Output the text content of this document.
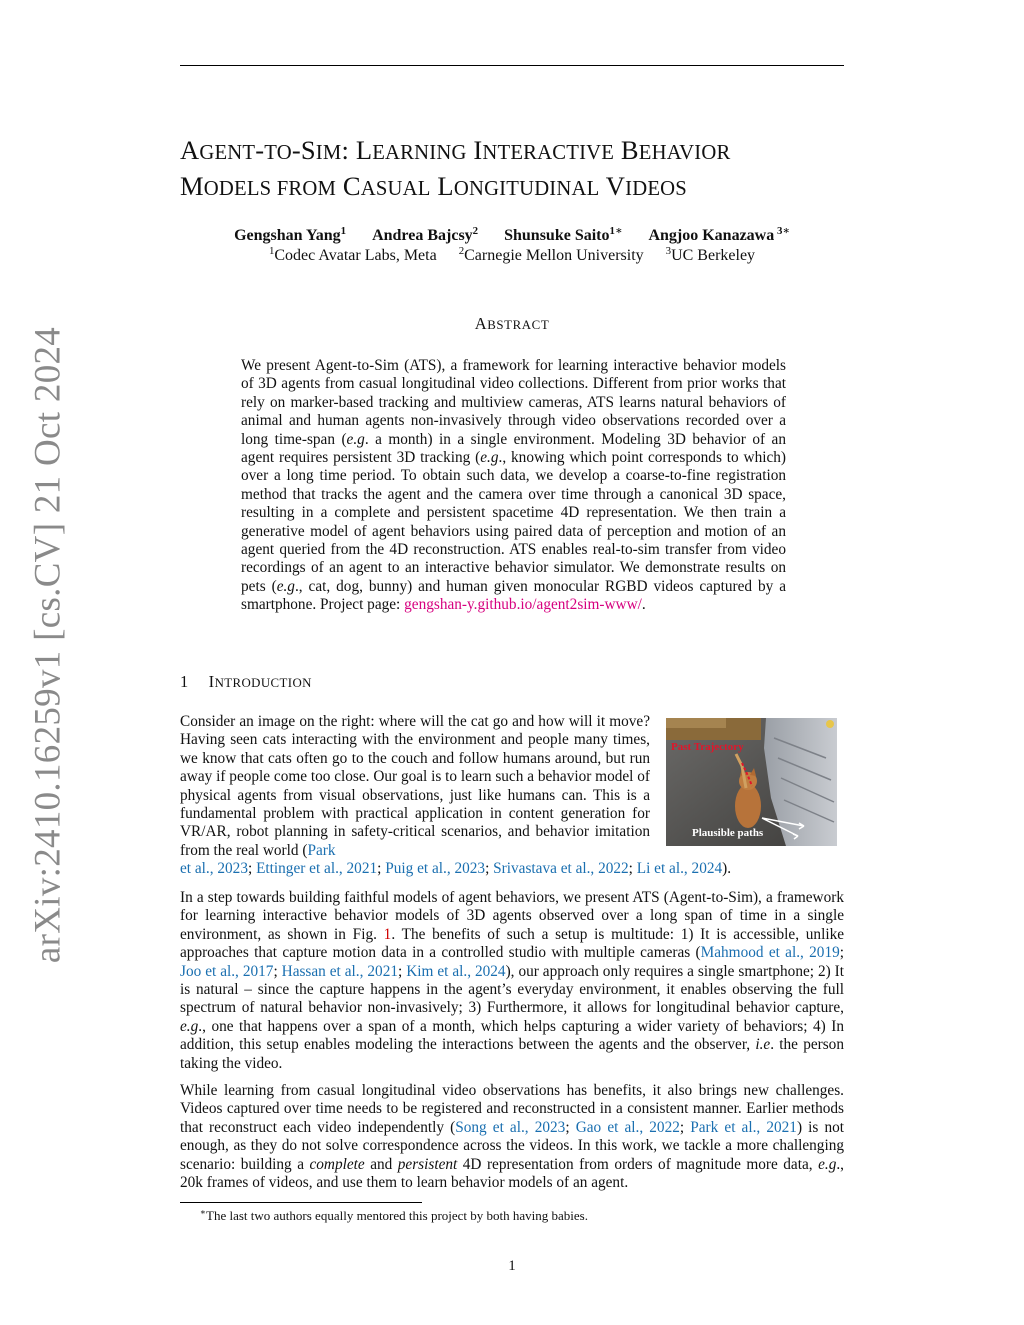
arXiv:2410.16259v1 [cs.CV] 21 Oct 2024
AGENT-TO-SIM: LEARNING INTERACTIVE BEHAVIOR
MODELS FROM CASUAL LONGITUDINAL VIDEOS
Gengshan Yang$^1$ Andrea Bajcsy$^2$ Shunsuke Saito$^{1∗}$ Angjoo Kanazawa $^{3∗}$
$^1$Codec Avatar Labs, Meta $^2$Carnegie Mellon University $^3$UC Berkeley
ABSTRACT
We present Agent-to-Sim (ATS), a framework for learning interactive behavior models of 3D agents from casual longitudinal video collections. Different from prior works that rely on marker-based tracking and multiview cameras, ATS learns natural behaviors of animal and human agents non-invasively through video observations recorded over a long time-span (e.g. a month) in a single environment. Modeling 3D behavior of an agent requires persistent 3D tracking (e.g., knowing which point corresponds to which) over a long time period. To obtain such data, we develop a coarse-to-fine registration method that tracks the agent and the camera over time through a canonical 3D space, resulting in a complete and persistent spacetime 4D representation. We then train a generative model of agent behaviors using paired data of perception and motion of an agent queried from the 4D reconstruction. ATS enables real-to-sim transfer from video recordings of an agent to an interactive behavior simulator. We demonstrate results on pets (e.g., cat, dog, bunny) and human given monocular RGBD videos captured by a smartphone. Project page: gengshan-y.github.io/agent2sim-www/.
1 INTRODUCTION
Consider an image on the right: where will the cat go and how will it move? Having seen cats interacting with the environment and people many times, we know that cats often go to the couch and follow humans around, but run away if people come too close. Our goal is to learn such a behavior model of physical agents from visual observations, just like humans can. This is a fundamental problem with practical application in content generation for VR/AR, robot planning in safety-critical scenarios, and behavior imitation from the real world (Park
et al., 2023; Ettinger et al., 2021; Puig et al., 2023; Srivastava et al., 2022; Li et al., 2024).
Past Trajectory
Plausible paths
In a step towards building faithful models of agent behaviors, we present ATS (Agent-to-Sim), a framework for learning interactive behavior models of 3D agents observed over a long span of time in a single environment, as shown in Fig. 1. The benefits of such a setup is multitude: 1) It is accessible, unlike approaches that capture motion data in a controlled studio with multiple cameras (Mahmood et al., 2019; Joo et al., 2017; Hassan et al., 2021; Kim et al., 2024), our approach only requires a single smartphone; 2) It is natural – since the capture happens in the agent’s everyday environment, it enables observing the full spectrum of natural behavior non-invasively; 3) Furthermore, it allows for longitudinal behavior capture, e.g., one that happens over a span of a month, which helps capturing a wider variety of behaviors; 4) In addition, this setup enables modeling the interactions between the agents and the observer, i.e. the person taking the video.
While learning from casual longitudinal video observations has benefits, it also brings new challenges. Videos captured over time needs to be registered and reconstructed in a consistent manner. Earlier methods that reconstruct each video independently (Song et al., 2023; Gao et al., 2022; Park et al., 2021) is not enough, as they do not solve correspondence across the videos. In this work, we tackle a more challenging scenario: building a complete and persistent 4D representation from orders of magnitude more data, e.g., 20k frames of videos, and use them to learn behavior models of an agent.
∗The last two authors equally mentored this project by both having babies.
1
